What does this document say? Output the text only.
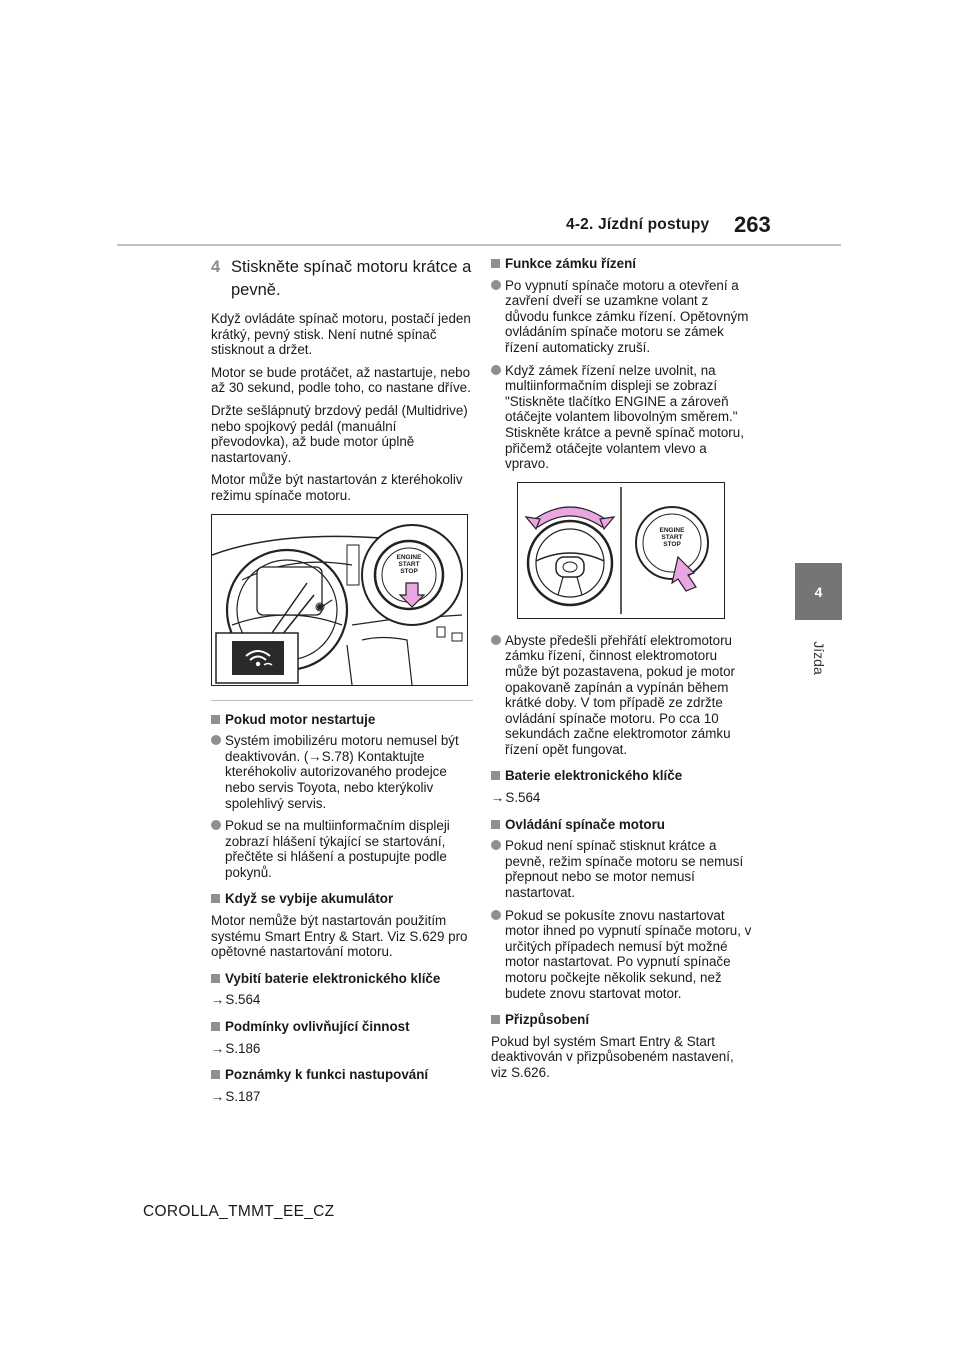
4-2. Jízdní postupy 263
4
Jízda
4 Stiskněte spínač motoru krátce a pevně.

Když ovládáte spínač motoru, postačí jeden krátký, pevný stisk. Není nutné spínač stisknout a držet.

Motor se bude protáčet, až nastartuje, nebo až 30 sekund, podle toho, co nastane dříve.

Držte sešlápnutý brzdový pedál (Multidrive) nebo spojkový pedál (manuální převodovka), až bude motor úplně nastartovaný.

Motor může být nastartován z kteréhokoliv režimu spínače motoru.

ENGINE
START
STOP
Pokud motor nestartuje
Systém imobilizéru motoru nemusel být deaktivován. (→S.78) Kontaktujte kteréhokoliv autorizovaného prodejce nebo servis Toyota, nebo kterýkoliv spolehlivý servis.
Pokud se na multiinformačním displeji zobrazí hlášení týkající se startování, přečtěte si hlášení a postupujte podle pokynů.
Když se vybije akumulátor

Motor nemůže být nastartován použitím systému Smart Entry & Start. Viz S.629 pro opětovné nastartování motoru.

Vybití baterie elektronického klíče
→S.564
Podmínky ovlivňující činnost
→S.186
Poznámky k funkci nastupování
→S.187
Funkce zámku řízení
Po vypnutí spínače motoru a otevření a zavření dveří se uzamkne volant z důvodu funkce zámku řízení. Opětovným ovládáním spínače motoru se zámek řízení automaticky zruší.
Když zámek řízení nelze uvolnit, na multiinformačním displeji se zobrazí "Stiskněte tlačítko ENGINE a zároveň otáčejte volantem libovolným směrem." Stiskněte krátce a pevně spínač motoru, přičemž otáčejte volantem vlevo a vpravo.
ENGINE
START
STOP
Abyste předešli přehřátí elektromotoru zámku řízení, činnost elektromotoru může být pozastavena, pokud je motor opakovaně zapínán a vypínán během krátké doby. V tom případě ze zdržte ovládání spínače motoru. Po cca 10 sekundách začne elektromotor zámku řízení opět fungovat.
Baterie elektronického klíče
→S.564
Ovládání spínače motoru
Pokud není spínač stisknut krátce a pevně, režim spínače motoru se nemusí přepnout nebo se motor nemusí nastartovat.
Pokud se pokusíte znovu nastartovat motor ihned po vypnutí spínače motoru, v určitých případech nemusí být možné motor nastartovat. Po vypnutí spínače motoru počkejte několik sekund, než budete znovu startovat motor.
Přizpůsobení

Pokud byl systém Smart Entry & Start deaktivován v přizpůsobeném nastavení, viz S.626.

COROLLA_TMMT_EE_CZ
